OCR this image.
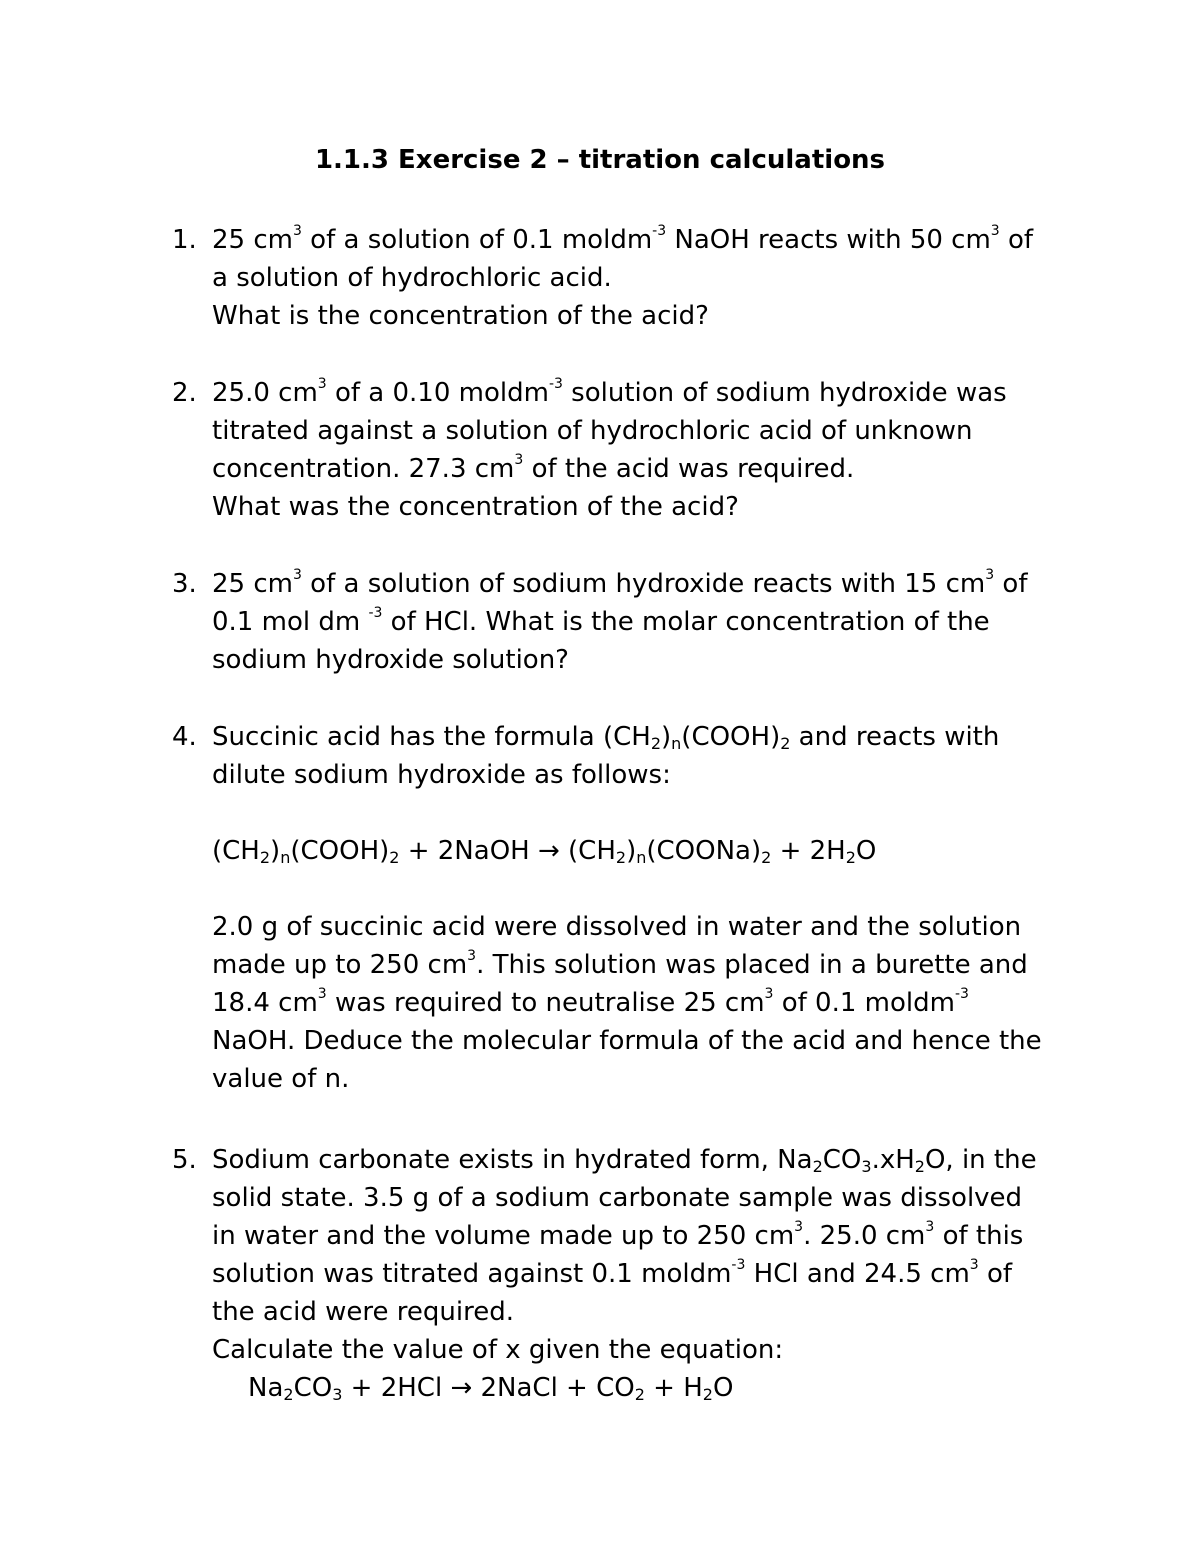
1.1.3 Exercise 2 – titration calculations
1. 25 $cm^3$ of a solution of 0.1 moldm$^{-3}$ NaOH reacts with 50 $cm^3$ of
a solution of hydrochloric acid.
What is the concentration of the acid?
2. 25.0 $cm^3$ of a 0.10 moldm$^{-3}$ solution of sodium hydroxide was
titrated against a solution of hydrochloric acid of unknown
concentration. 27.3 $cm^3$ of the acid was required.
What was the concentration of the acid?
3. 25 $cm^3$ of a solution of sodium hydroxide reacts with 15 $cm^3$ of
0.1 mol dm $^{-3}$ of HCl. What is the molar concentration of the
sodium hydroxide solution?
4. Succinic acid has the formula $(CH_2)_n(COOH)_2$ and reacts with
dilute sodium hydroxide as follows:
$(CH_2)_n(COOH)_2$ + 2NaOH → $(CH_2)_n(COONa)_2 + 2H_2O$
2.0 g of succinic acid were dissolved in water and the solution
made up to 250 $cm^3$. This solution was placed in a burette and
18.4 $cm^3$ was required to neutralise 25 $cm^3$ of 0.1 moldm$^{-3}$
NaOH. Deduce the molecular formula of the acid and hence the
value of n.
5. Sodium carbonate exists in hydrated form, $Na_2CO_3.xH_2O$, in the
solid state. 3.5 g of a sodium carbonate sample was dissolved
in water and the volume made up to 250 $cm^3$. 25.0 $cm^3$ of this
solution was titrated against 0.1 moldm$^{-3}$ HCl and 24.5 $cm^3$ of
the acid were required.
Calculate the value of x given the equation:
$Na_2CO_3 + 2HCl$ → 2NaCl + $CO_2 + H_2O$
